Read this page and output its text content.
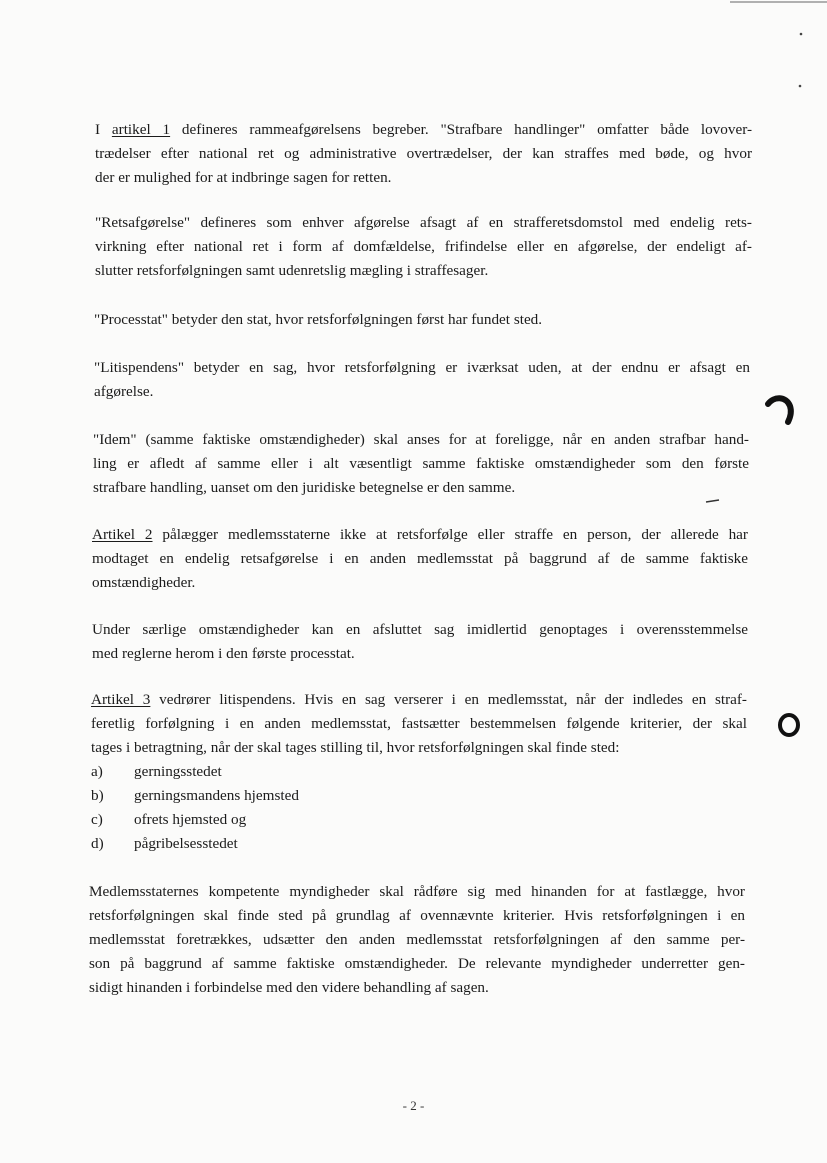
I artikel 1 defineres rammeafgørelsens begreber. "Strafbare handlinger" omfatter både lovover-
trædelser efter national ret og administrative overtrædelser, der kan straffes med bøde, og hvor
der er mulighed for at indbringe sagen for retten.

"Retsafgørelse" defineres som enhver afgørelse afsagt af en strafferetsdomstol med endelig rets-
virkning efter national ret i form af domfældelse, frifindelse eller en afgørelse, der endeligt af-
slutter retsforfølgningen samt udenretslig mægling i straffesager.

"Processtat" betyder den stat, hvor retsforfølgningen først har fundet sted.

"Litispendens" betyder en sag, hvor retsforfølgning er iværksat uden, at der endnu er afsagt en
afgørelse.

"Idem" (samme faktiske omstændigheder) skal anses for at foreligge, når en anden strafbar hand-
ling er afledt af samme eller i alt væsentligt samme faktiske omstændigheder som den første
strafbare handling, uanset om den juridiske betegnelse er den samme.

Artikel 2 pålægger medlemsstaterne ikke at retsforfølge eller straffe en person, der allerede har
modtaget en endelig retsafgørelse i en anden medlemsstat på baggrund af de samme faktiske
omstændigheder.

Under særlige omstændigheder kan en afsluttet sag imidlertid genoptages i overensstemmelse
med reglerne herom i den første processtat.

Artikel 3 vedrører litispendens. Hvis en sag verserer i en medlemsstat, når der indledes en straf-
feretlig forfølgning i en anden medlemsstat, fastsætter bestemmelsen følgende kriterier, der skal
tages i betragtning, når der skal tages stilling til, hvor retsforfølgningen skal finde sted:

a)	gerningsstedet
b)	gerningsmandens hjemsted
c)	ofrets hjemsted og
d)	pågribelsesstedet

Medlemsstaternes kompetente myndigheder skal rådføre sig med hinanden for at fastlægge, hvor
retsforfølgningen skal finde sted på grundlag af ovennævnte kriterier. Hvis retsforfølgningen i en
medlemsstat foretrækkes, udsætter den anden medlemsstat retsforfølgningen af den samme per-
son på baggrund af samme faktiske omstændigheder. De relevante myndigheder underretter gen-
sidigt hinanden i forbindelse med den videre behandling af sagen.

- 2 -
